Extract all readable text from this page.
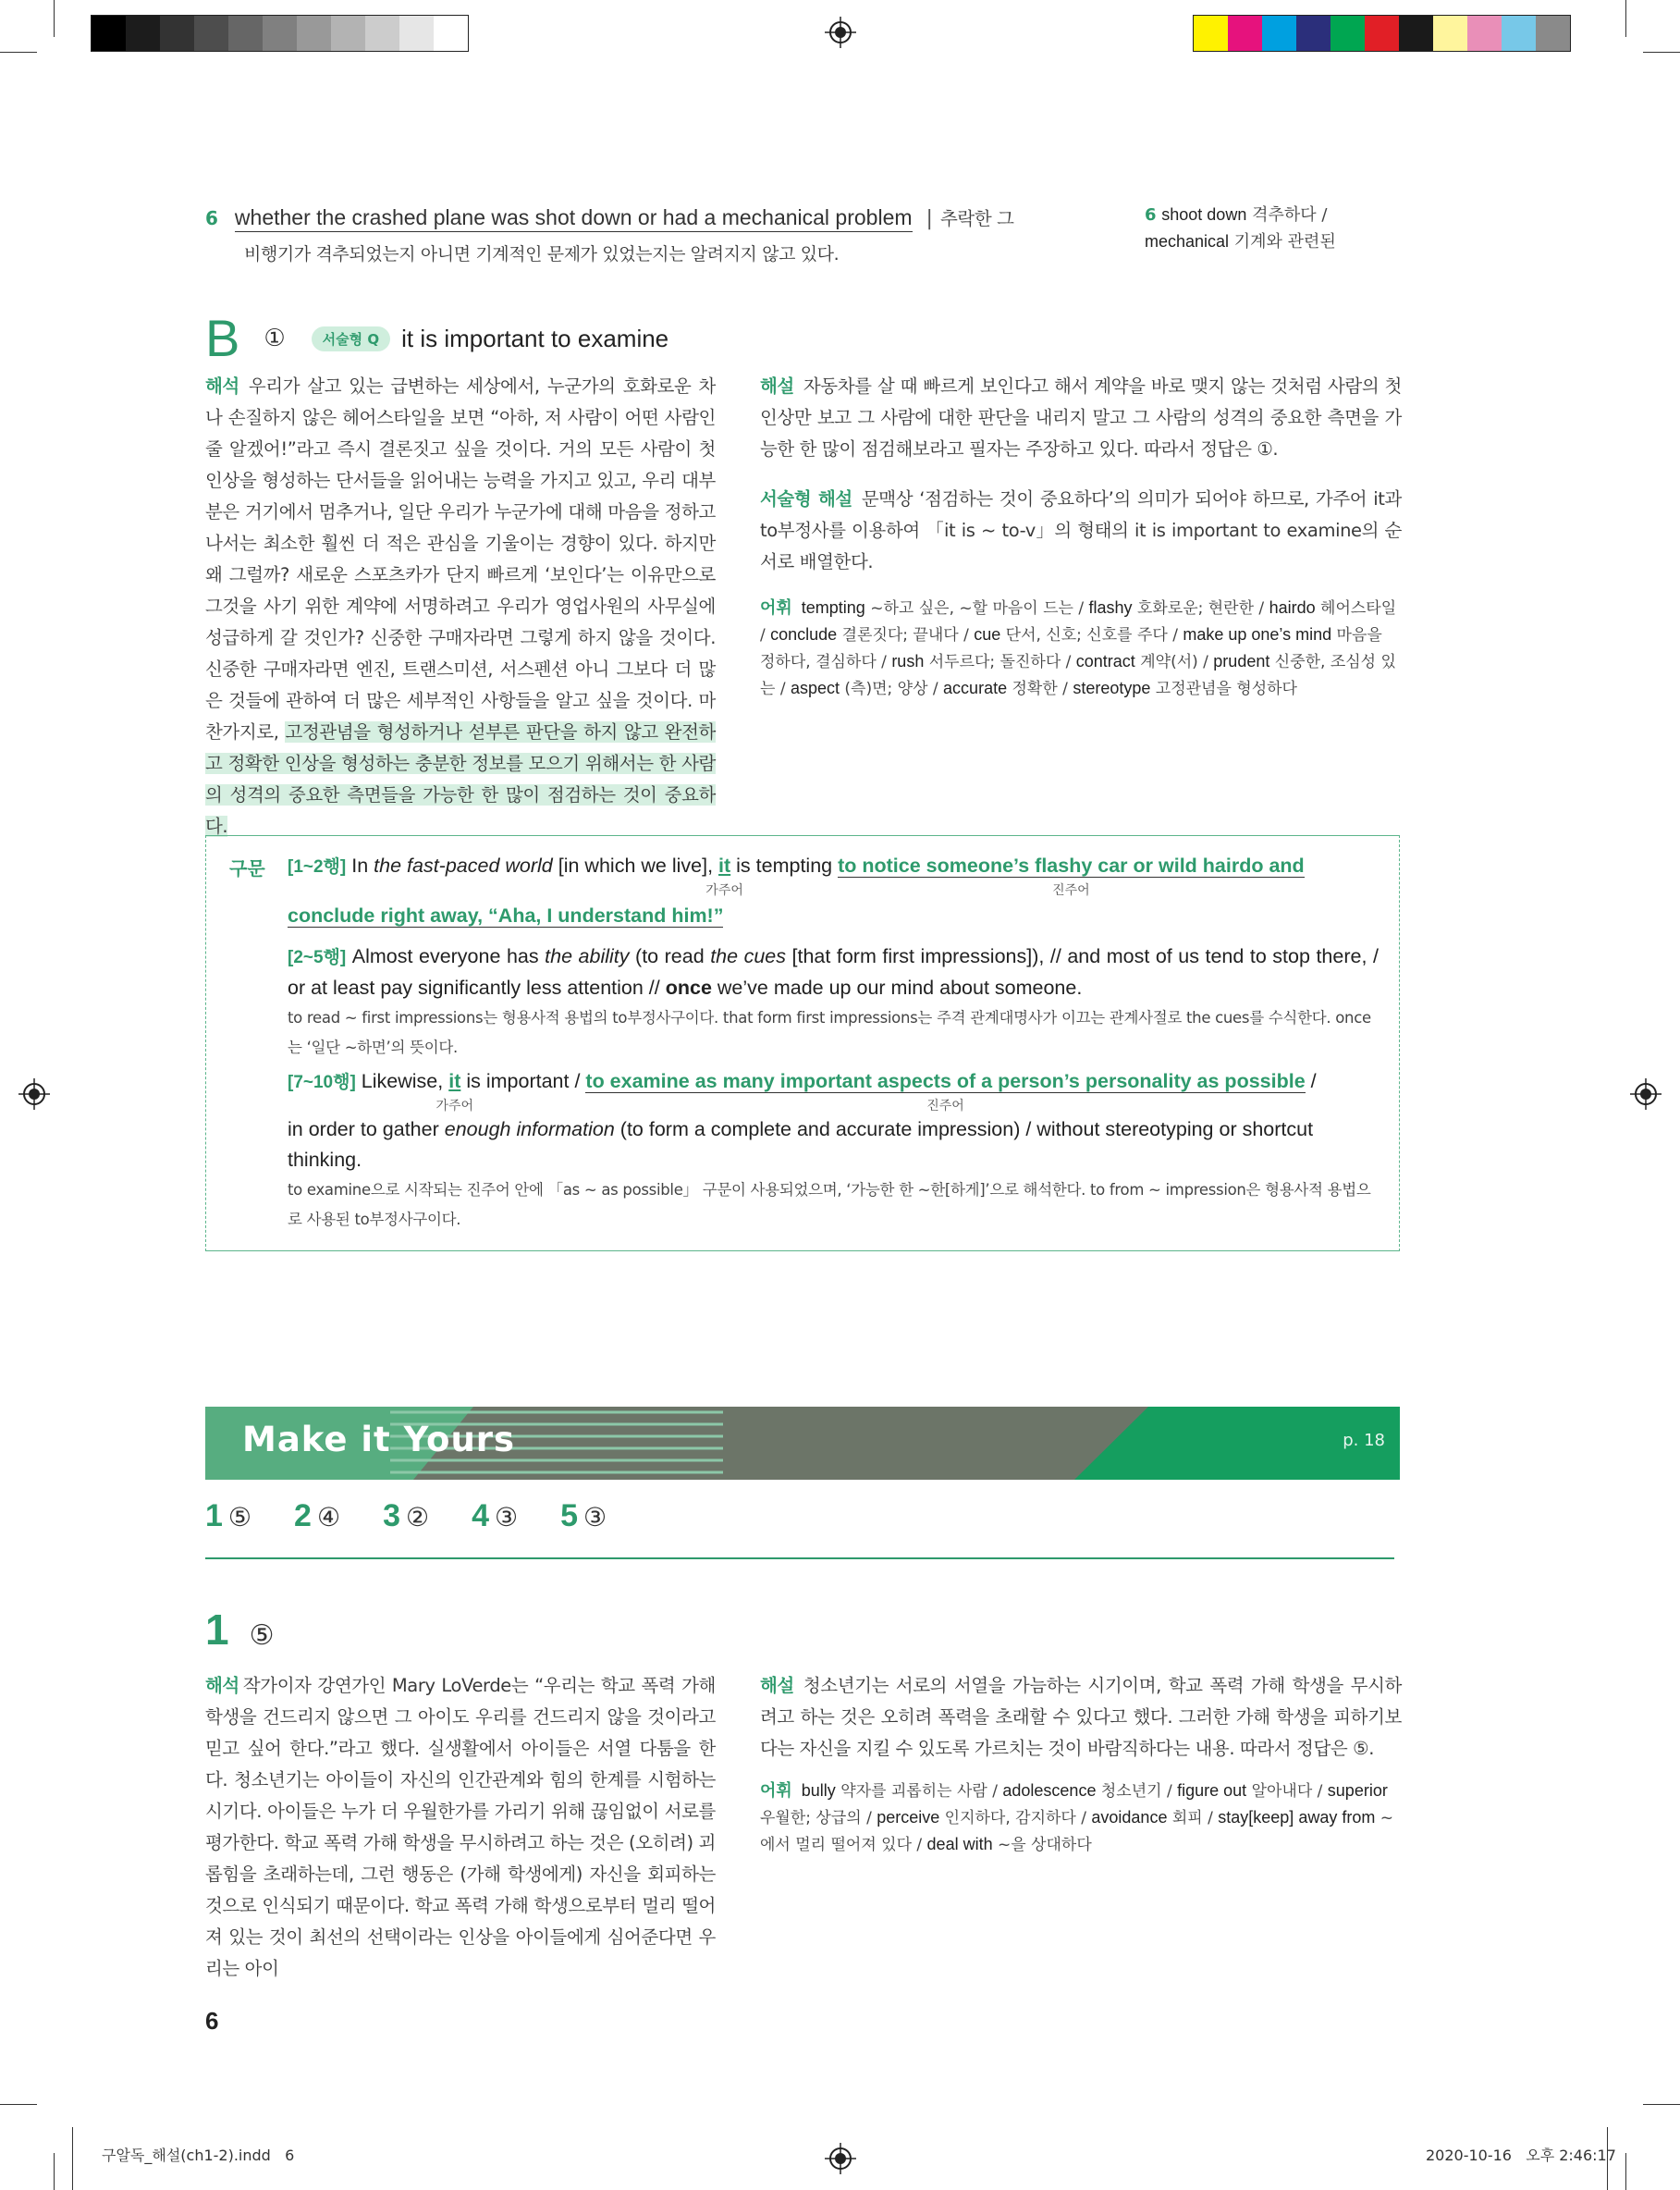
6 whether the crashed plane was shot down or had a mechanical problem | 추락한 그
비행기가 격추되었는지 아니면 기계적인 문제가 있었는지는 알려지지 않고 있다.
6 shoot down 격추하다 /
mechanical 기계와 관련된
B ①	서술형 Q it is important to examine
해석 우리가 살고 있는 급변하는 세상에서, 누군가의 호화로운 차나 손질하지 않은 헤어스타일을 보면 “아하, 저 사람이 어떤 사람인 줄 알겠어!”라고 즉시 결론짓고 싶을 것이다. 거의 모든 사람이 첫인상을 형성하는 단서들을 읽어내는 능력을 가지고 있고, 우리 대부분은 거기에서 멈추거나, 일단 우리가 누군가에 대해 마음을 정하고 나서는 최소한 훨씬 더 적은 관심을 기울이는 경향이 있다. 하지만 왜 그럴까? 새로운 스포츠카가 단지 빠르게 ‘보인다’는 이유만으로 그것을 사기 위한 계약에 서명하려고 우리가 영업사원의 사무실에 성급하게 갈 것인가? 신중한 구매자라면 그렇게 하지 않을 것이다. 신중한 구매자라면 엔진, 트랜스미션, 서스펜션 아니 그보다 더 많은 것들에 관하여 더 많은 세부적인 사항들을 알고 싶을 것이다. 마찬가지로, 고정관념을 형성하거나 섣부른 판단을 하지 않고 완전하고 정확한 인상을 형성하는 충분한 정보를 모으기 위해서는 한 사람의 성격의 중요한 측면들을 가능한 한 많이 점검하는 것이 중요하다.
해설 자동차를 살 때 빠르게 보인다고 해서 계약을 바로 맺지 않는 것처럼 사람의 첫인상만 보고 그 사람에 대한 판단을 내리지 말고 그 사람의 성격의 중요한 측면을 가능한 한 많이 점검해보라고 필자는 주장하고 있다. 따라서 정답은 ①.
서술형 해설 문맥상 ‘점검하는 것이 중요하다’의 의미가 되어야 하므로, 가주어 it과 to부정사를 이용하여 「it is ~ to-v」의 형태의 it is important to examine의 순서로 배열한다.
어휘 tempting ~하고 싶은, ~할 마음이 드는 / flashy 호화로운; 현란한 / hairdo 헤어스타일 / conclude 결론짓다; 끝내다 / cue 단서, 신호; 신호를 주다 / make up one’s mind 마음을 정하다, 결심하다 / rush 서두르다; 돌진하다 / contract 계약(서) / prudent 신중한, 조심성 있는 / aspect (측)면; 양상 / accurate 정확한 / stereotype 고정관념을 형성하다
구문 [1~2행] In the fast-paced world [in which we live], it
가주어
is tempting to notice someone’s flashy car or wild hairdo and
진주어
conclude right away, “Aha, I understand him!”
[2~5행] Almost everyone has the ability (to read the cues [that form first impressions]), // and most of us tend to stop there, / or at least pay significantly less attention // once we’ve made up our mind about someone.
to read ~ first impressions는 형용사적 용법의 to부정사구이다. that form first impressions는 주격 관계대명사가 이끄는 관계사절로 the cues를 수식한다. once는 ‘일단 ~하면’의 뜻이다.
[7~10행] Likewise, it
가주어
is important / to examine as many important aspects of a person’s personality as possible
진주어
/
in order to gather enough information (to form a complete and accurate impression) / without stereotyping or shortcut thinking.
to examine으로 시작되는 진주어 안에 「as ~ as possible」 구문이 사용되었으며, ‘가능한 한 ~한[하게]’으로 해석한다. to from ~ impression은 형용사적 용법으로 사용된 to부정사구이다.
Make it Yours	p. 18
1 ⑤ 2 ④ 3 ② 4 ③ 5 ③
1 ⑤
해석 작가이자 강연가인 Mary LoVerde는 “우리는 학교 폭력 가해 학생을 건드리지 않으면 그 아이도 우리를 건드리지 않을 것이라고 믿고 싶어 한다.”라고 했다. 실생활에서 아이들은 서열 다툼을 한다. 청소년기는 아이들이 자신의 인간관계와 힘의 한계를 시험하는 시기다. 아이들은 누가 더 우월한가를 가리기 위해 끊임없이 서로를 평가한다. 학교 폭력 가해 학생을 무시하려고 하는 것은 (오히려) 괴롭힘을 초래하는데, 그런 행동은 (가해 학생에게) 자신을 회피하는 것으로 인식되기 때문이다. 학교 폭력 가해 학생으로부터 멀리 떨어져 있는 것이 최선의 선택이라는 인상을 아이들에게 심어준다면 우리는 아이
해설 청소년기는 서로의 서열을 가늠하는 시기이며, 학교 폭력 가해 학생을 무시하려고 하는 것은 오히려 폭력을 초래할 수 있다고 했다. 그러한 가해 학생을 피하기보다는 자신을 지킬 수 있도록 가르치는 것이 바람직하다는 내용. 따라서 정답은 ⑤.
어휘 bully 약자를 괴롭히는 사람 / adolescence 청소년기 / figure out 알아내다 / superior 우월한; 상급의 / perceive 인지하다, 감지하다 / avoidance 회피 / stay[keep] away from ~에서 멀리 떨어져 있다 / deal with ~을 상대하다
6
구알독_해설(ch1-2).indd   6	2020-10-16   오후 2:46:17
